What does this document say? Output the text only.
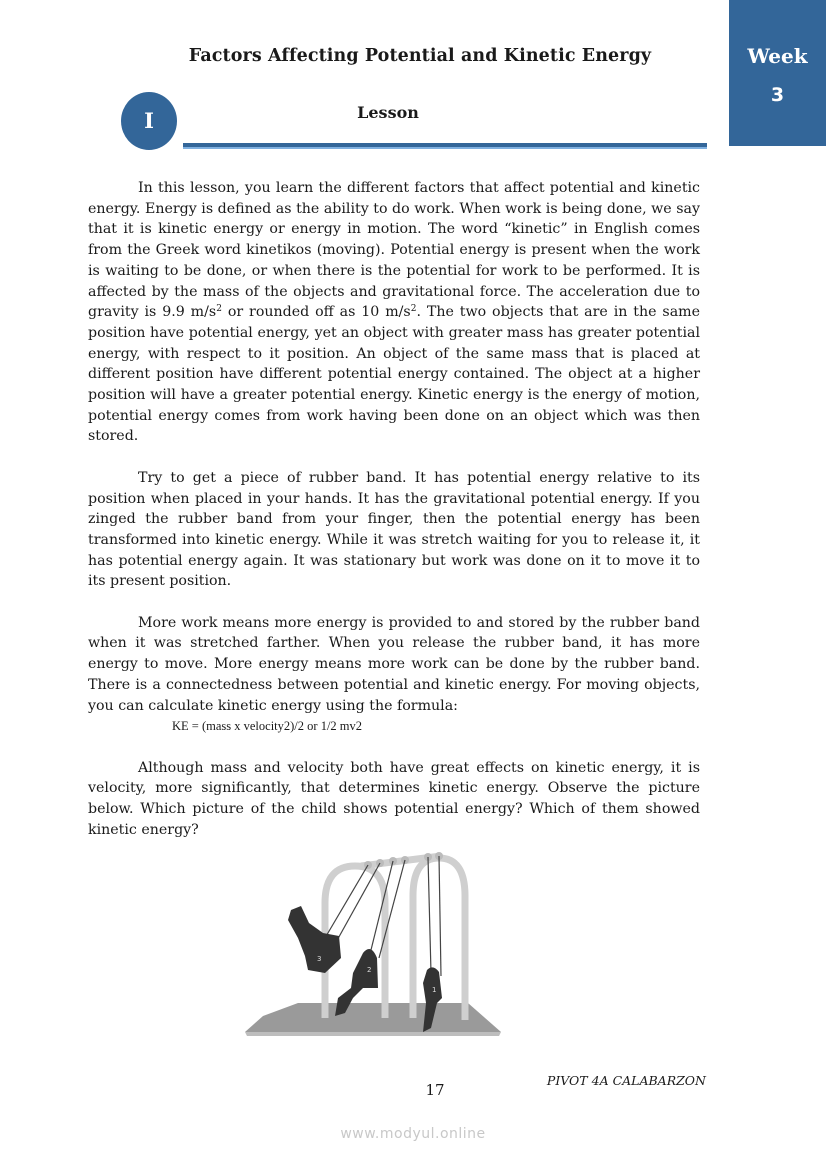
Week
3
Factors Affecting Potential and Kinetic Energy
I	Lesson

In this lesson, you learn the different factors that affect potential and kinetic energy. Energy is defined as the ability to do work. When work is being done, we say that it is kinetic energy or energy in motion. The word “kinetic” in English comes from the Greek word kinetikos (moving). Potential energy is present when the work is waiting to be done, or when there is the potential for work to be performed. It is affected by the mass of the objects and gravitational force. The acceleration due to gravity is 9.9 $m/s^2$ or rounded off as 10 $m/s^2$. The two objects that are in the same position have potential energy, yet an object with greater mass has greater potential energy, with respect to it position. An object of the same mass that is placed at different position have different potential energy contained. The object at a higher position will have a greater potential energy. Kinetic energy is the energy of motion, potential energy comes from work having been done on an object which was then stored.

Try to get a piece of rubber band. It has potential energy relative to its position when placed in your hands. It has the gravitational potential energy. If you zinged the rubber band from your finger, then the potential energy has been transformed into kinetic energy. While it was stretch waiting for you to release it, it has potential energy again. It was stationary but work was done on it to move it to its present position.

More work means more energy is provided to and stored by the rubber band when it was stretched farther. When you release the rubber band, it has more energy to move. More energy means more work can be done by the rubber band. There is a connectedness between potential and kinetic energy. For moving objects, you can calculate kinetic energy using the formula:

KE = (mass x velocity2)/2 or 1/2 mv2

Although mass and velocity both have great effects on kinetic energy, it is velocity, more significantly, that determines kinetic energy. Observe the picture below. Which picture of the child shows potential energy? Which of them showed kinetic energy?

3
2
1
PIVOT 4A CALABARZON
17
www.modyul.online
